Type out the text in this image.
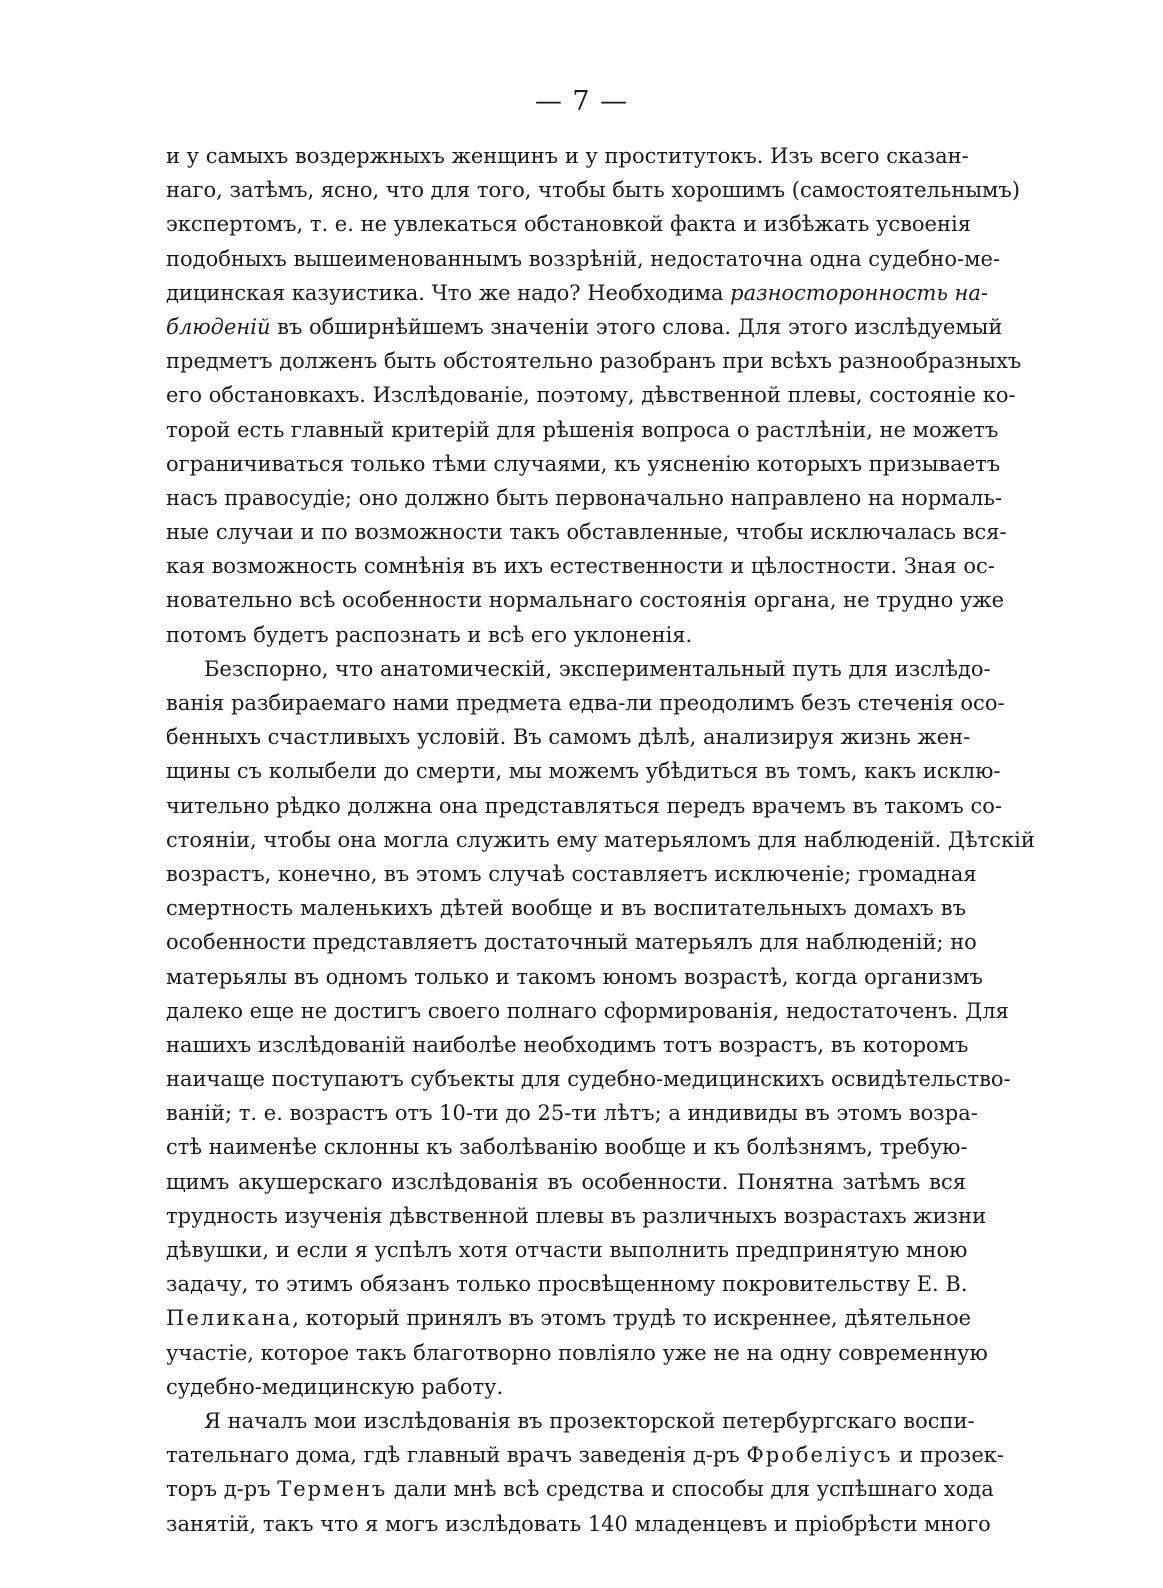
— 7 —
и у самыхъ воздержныхъ женщинъ и у проститутокъ. Изъ всего сказан-
наго, затѣмъ, ясно, что для того, чтобы быть хорошимъ (самостоятельнымъ)
экспертомъ, т. е. не увлекаться обстановкой факта и избѣжать усвоенія
подобныхъ вышеименованнымъ воззрѣній, недостаточна одна судебно-ме-
дицинская казуистика. Что же надо? Необходима разносторонность на-
блюденій въ обширнѣйшемъ значеніи этого слова. Для этого изслѣдуемый
предметъ долженъ быть обстоятельно разобранъ при всѣхъ разнообразныхъ
его обстановкахъ. Изслѣдованіе, поэтому, дѣвственной плевы, состояніе ко-
торой есть главный критерій для рѣшенія вопроса о растлѣніи, не можетъ
ограничиваться только тѣми случаями, къ уясненію которыхъ призываетъ
насъ правосудіе; оно должно быть первоначально направлено на нормаль-
ные случаи и по возможности такъ обставленные, чтобы исключалась вся-
кая возможность сомнѣнія въ ихъ естественности и цѣлостности. Зная ос-
новательно всѣ особенности нормальнаго состоянія органа, не трудно уже
потомъ будетъ распознать и всѣ его уклоненія.
Безспорно, что анатомическій, экспериментальный путь для изслѣдо-
ванія разбираемаго нами предмета едва-ли преодолимъ безъ стеченія осо-
бенныхъ счастливыхъ условій. Въ самомъ дѣлѣ, анализируя жизнь жен-
щины съ колыбели до смерти, мы можемъ убѣдиться въ томъ, какъ исклю-
чительно рѣдко должна она представляться передъ врачемъ въ такомъ со-
стояніи, чтобы она могла служить ему матерьяломъ для наблюденій. Дѣтскій
возрастъ, конечно, въ этомъ случаѣ составляетъ исключеніе; громадная
смертность маленькихъ дѣтей вообще и въ воспитательныхъ домахъ въ
особенности представляетъ достаточный матерьялъ для наблюденій; но
матерьялы въ одномъ только и такомъ юномъ возрастѣ, когда организмъ
далеко еще не достигъ своего полнаго сформированія, недостаточенъ. Для
нашихъ изслѣдованій наиболѣе необходимъ тотъ возрастъ, въ которомъ
наичаще поступаютъ субъекты для судебно-медицинскихъ освидѣтельство-
ваній; т. е. возрастъ отъ 10-ти до 25-ти лѣтъ; а индивиды въ этомъ возра-
стѣ наименѣе склонны къ заболѣванію вообще и къ болѣзнямъ, требую-
щимъ акушерскаго изслѣдованія въ особенности. Понятна затѣмъ вся
трудность изученія дѣвственной плевы въ различныхъ возрастахъ жизни
дѣвушки, и если я успѣлъ хотя отчасти выполнить предпринятую мною
задачу, то этимъ обязанъ только просвѣщенному покровительству Е. В.
Пеликана, который принялъ въ этомъ трудѣ то искреннее, дѣятельное
участіе, которое такъ благотворно повліяло уже не на одну современную
судебно-медицинскую работу.
Я началъ мои изслѣдованія въ прозекторской петербургскаго воспи-
тательнаго дома, гдѣ главный врачъ заведенія д-ръ Фробеліусъ и прозек-
торъ д-ръ Терменъ дали мнѣ всѣ средства и способы для успѣшнаго хода
занятій, такъ что я могъ изслѣдовать 140 младенцевъ и пріобрѣсти много
